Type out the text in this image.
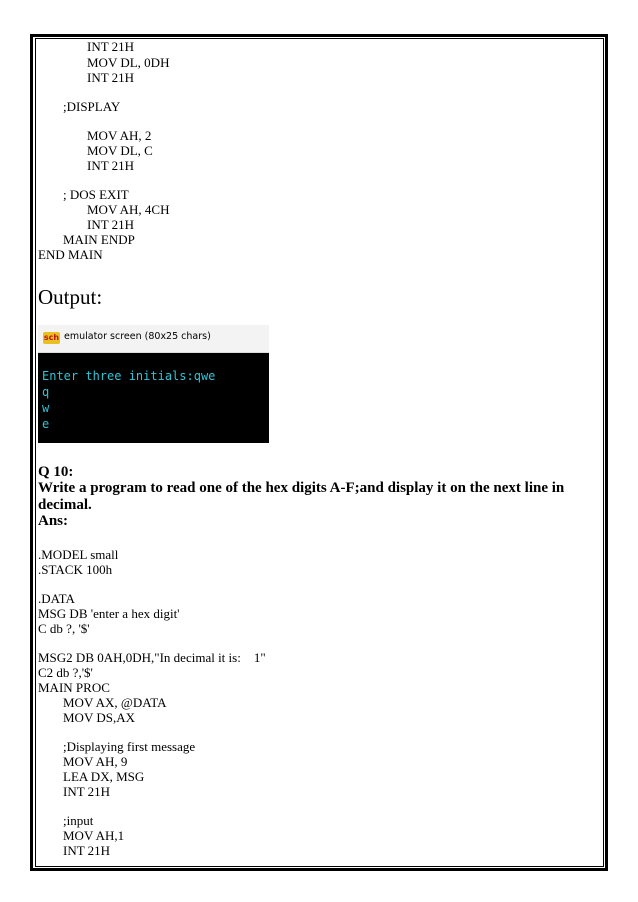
INT 21H
MOV DL, 0DH
INT 21H
;DISPLAY
MOV AH, 2
MOV DL, C
INT 21H
; DOS EXIT
MOV AH, 4CH
INT 21H
MAIN ENDP
END MAIN
Output:
sch emulator screen (80x25 chars)
Enter three initials:qwe
q
w
e
Q 10:
Write a program to read one of the hex digits A-F;and display it on the next line in
decimal.
Ans:
.MODEL small
.STACK 100h
.DATA
MSG DB 'enter a hex digit'
C db ?, '$'
MSG2 DB 0AH,0DH,"In decimal it is:    1"
C2 db ?,'$'
MAIN PROC
MOV AX, @DATA
MOV DS,AX
;Displaying first message
MOV AH, 9
LEA DX, MSG
INT 21H
;input
MOV AH,1
INT 21H
